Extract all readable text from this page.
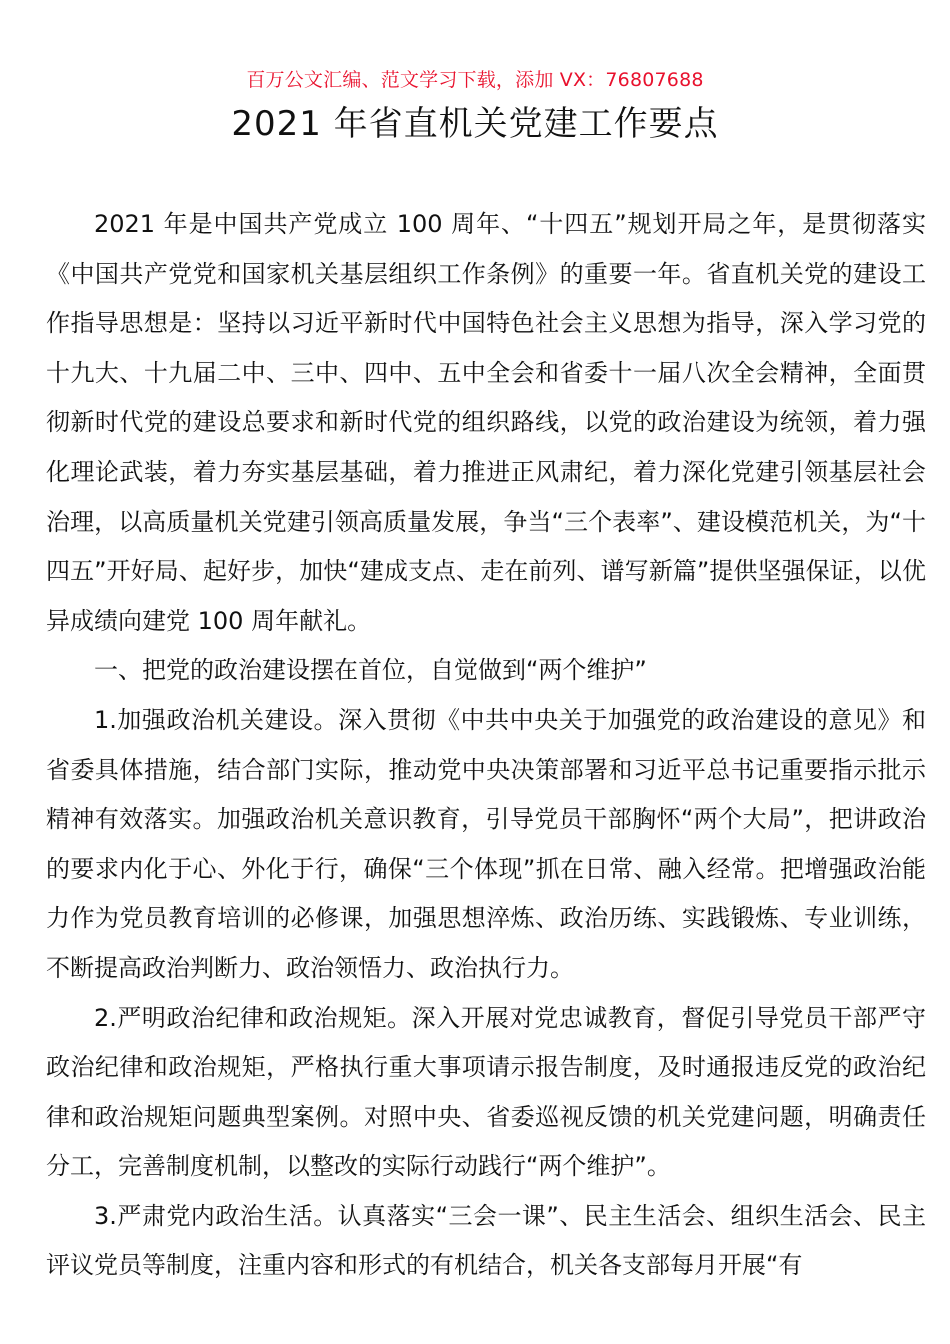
百万公文汇编、范文学习下载，添加 VX：76807688
2021 年省直机关党建工作要点

2021 年是中国共产党成立 100 周年、“十四五”规划开局之年，是贯彻落实《中国共产党党和国家机关基层组织工作条例》的重要一年。省直机关党的建设工作指导思想是：坚持以习近平新时代中国特色社会主义思想为指导，深入学习党的十九大、十九届二中、三中、四中、五中全会和省委十一届八次全会精神，全面贯彻新时代党的建设总要求和新时代党的组织路线，以党的政治建设为统领，着力强化理论武装，着力夯实基层基础，着力推进正风肃纪，着力深化党建引领基层社会治理，以高质量机关党建引领高质量发展，争当“三个表率”、建设模范机关，为“十四五”开好局、起好步，加快“建成支点、走在前列、谱写新篇”提供坚强保证，以优异成绩向建党 100 周年献礼。

一、把党的政治建设摆在首位，自觉做到“两个维护”

1.加强政治机关建设。深入贯彻《中共中央关于加强党的政治建设的意见》和省委具体措施，结合部门实际，推动党中央决策部署和习近平总书记重要指示批示精神有效落实。加强政治机关意识教育，引导党员干部胸怀“两个大局”，把讲政治的要求内化于心、外化于行，确保“三个体现”抓在日常、融入经常。把增强政治能力作为党员教育培训的必修课，加强思想淬炼、政治历练、实践锻炼、专业训练，不断提高政治判断力、政治领悟力、政治执行力。

2.严明政治纪律和政治规矩。深入开展对党忠诚教育，督促引导党员干部严守政治纪律和政治规矩，严格执行重大事项请示报告制度，及时通报违反党的政治纪律和政治规矩问题典型案例。对照中央、省委巡视反馈的机关党建问题，明确责任分工，完善制度机制，以整改的实际行动践行“两个维护”。

3.严肃党内政治生活。认真落实“三会一课”、民主生活会、组织生活会、民主评议党员等制度，注重内容和形式的有机结合，机关各支部每月开展“有
